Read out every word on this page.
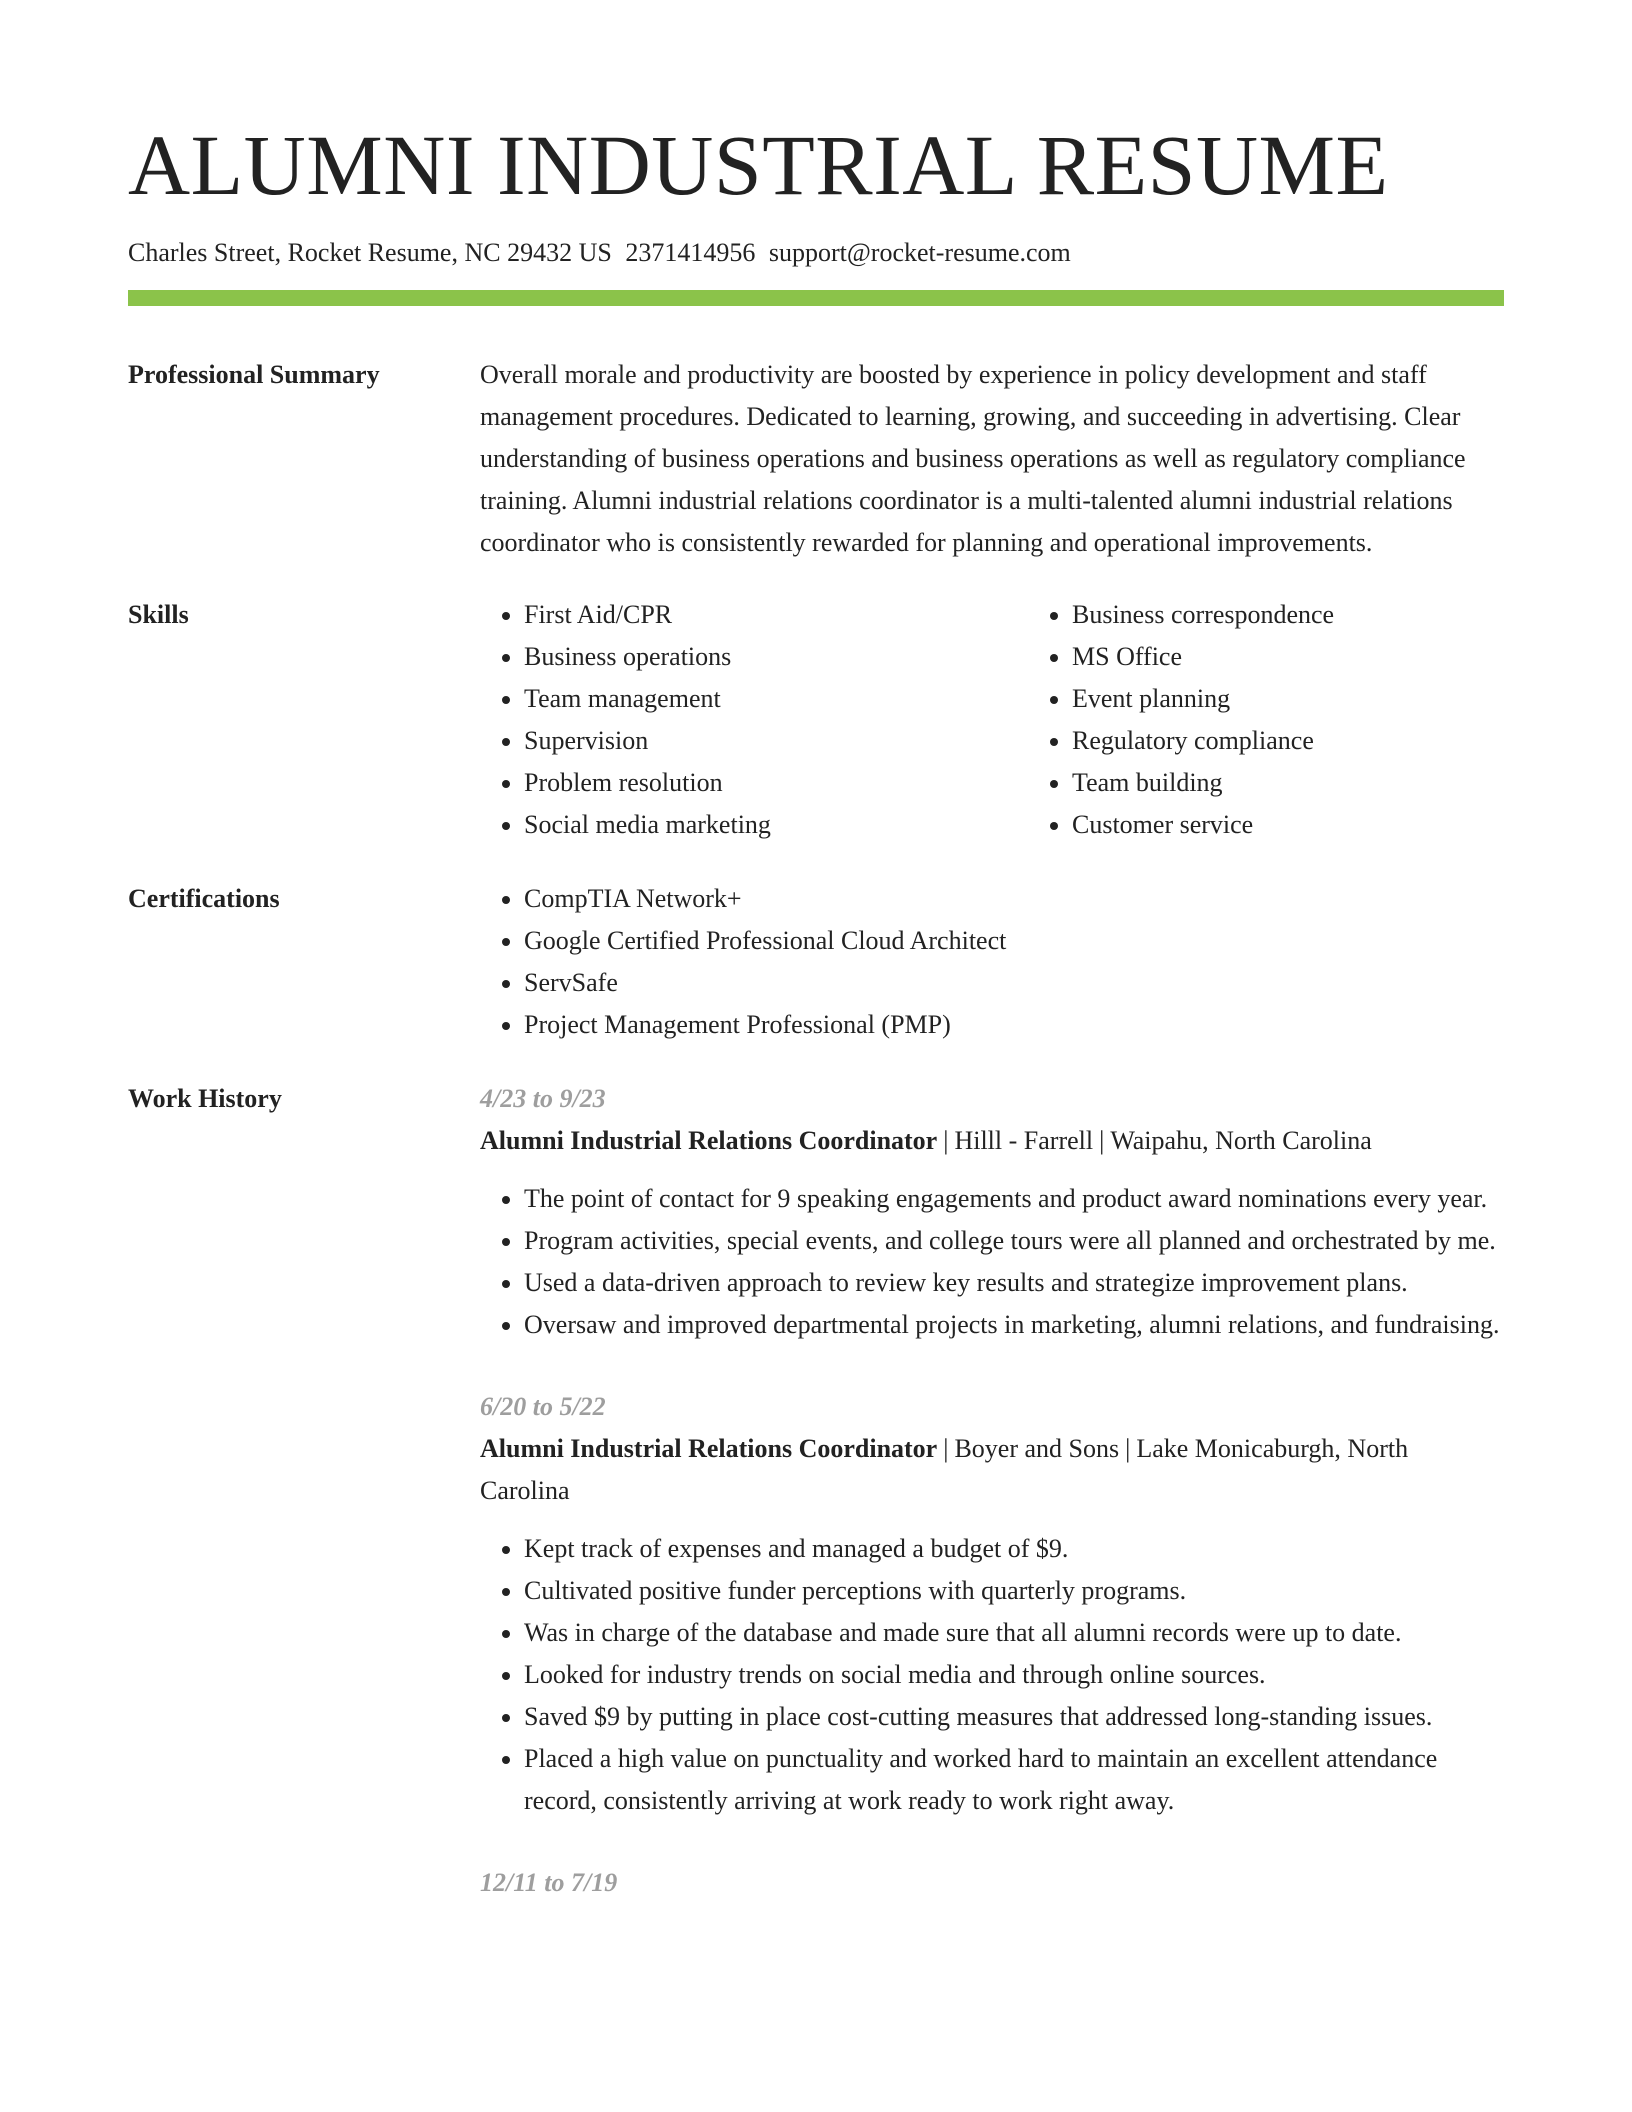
ALUMNI INDUSTRIAL RESUME
Charles Street, Rocket Resume, NC 29432 US 2371414956 support@rocket-resume.com
Professional Summary	Overall morale and productivity are boosted by experience in policy development and staff management procedures. Dedicated to learning, growing, and succeeding in advertising. Clear understanding of business operations and business operations as well as regulatory compliance training. Alumni industrial relations coordinator is a multi-talented alumni industrial relations coordinator who is consistently rewarded for planning and operational improvements.

Skills	• First Aid/CPR
• Business operations
• Team management
• Supervision
• Problem resolution
• Social media marketing
• Business correspondence
• MS Office
• Event planning
• Regulatory compliance
• Team building
• Customer service
Certifications	• CompTIA Network+
• Google Certified Professional Cloud Architect
• ServSafe
• Project Management Professional (PMP)
Work History	4/23 to 9/23
Alumni Industrial Relations Coordinator | Hilll - Farrell | Waipahu, North Carolina
• The point of contact for 9 speaking engagements and product award nominations every year.
• Program activities, special events, and college tours were all planned and orchestrated by me.
• Used a data-driven approach to review key results and strategize improvement plans.
• Oversaw and improved departmental projects in marketing, alumni relations, and fundraising.
6/20 to 5/22
Alumni Industrial Relations Coordinator | Boyer and Sons | Lake Monicaburgh, North Carolina
• Kept track of expenses and managed a budget of $9.
• Cultivated positive funder perceptions with quarterly programs.
• Was in charge of the database and made sure that all alumni records were up to date.
• Looked for industry trends on social media and through online sources.
• Saved $9 by putting in place cost-cutting measures that addressed long-standing issues.
• Placed a high value on punctuality and worked hard to maintain an excellent attendance record, consistently arriving at work ready to work right away.
12/11 to 7/19
